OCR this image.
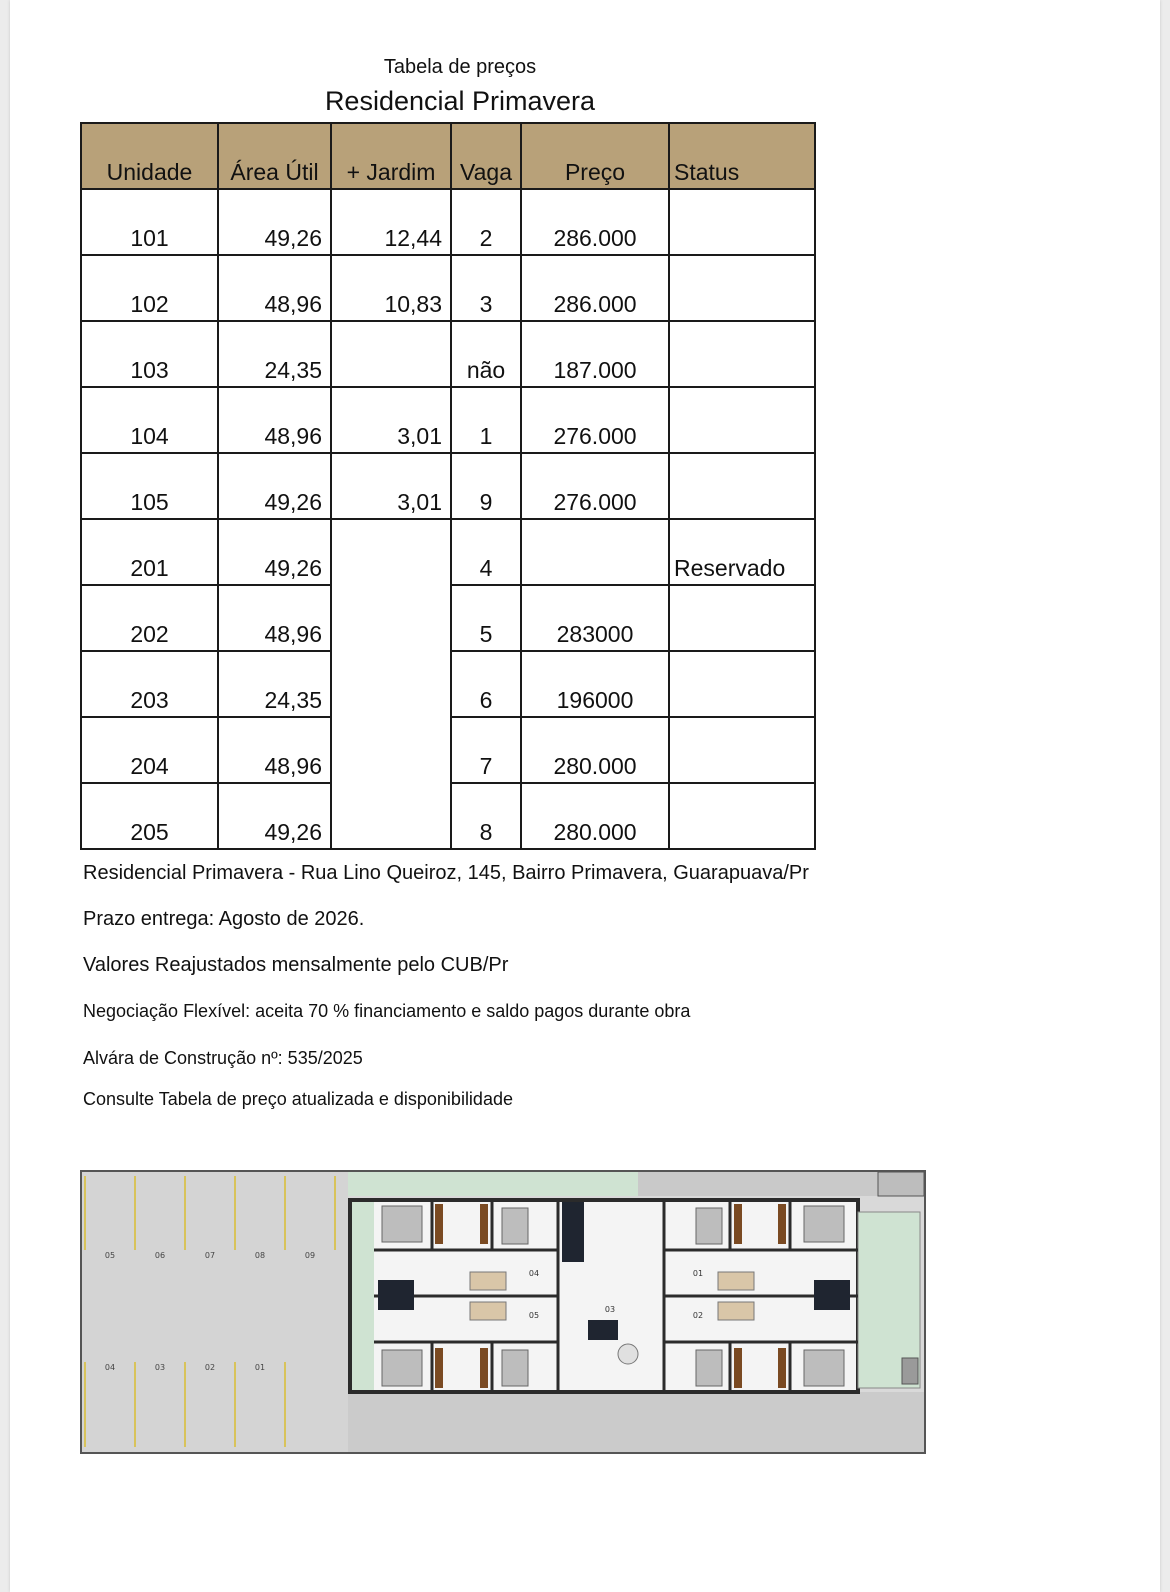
Tabela de preços
Residencial Primavera
Unidade	Área Útil	+ Jardim	Vaga	Preço	Status
101	49,26	12,44	2	286.000	
102	48,96	10,83	3	286.000	
103	24,35		não	187.000	
104	48,96	3,01	1	276.000	
105	49,26	3,01	9	276.000	
201	49,26		4		Reservado
202	48,96		5	283000	
203	24,35		6	196000	
204	48,96		7	280.000	
205	49,26		8	280.000	
Residencial Primavera - Rua Lino Queiroz, 145, Bairro Primavera, Guarapuava/Pr
Prazo entrega: Agosto de 2026.
Valores Reajustados mensalmente pelo CUB/Pr
Negociação Flexível: aceita 70 % financiamento e saldo pagos durante obra
Alvára de Construção nº: 535/2025
Consulte Tabela de preço atualizada e disponibilidade
05	06	07	08	09
04	03	02	01
04
05
03
01
02
